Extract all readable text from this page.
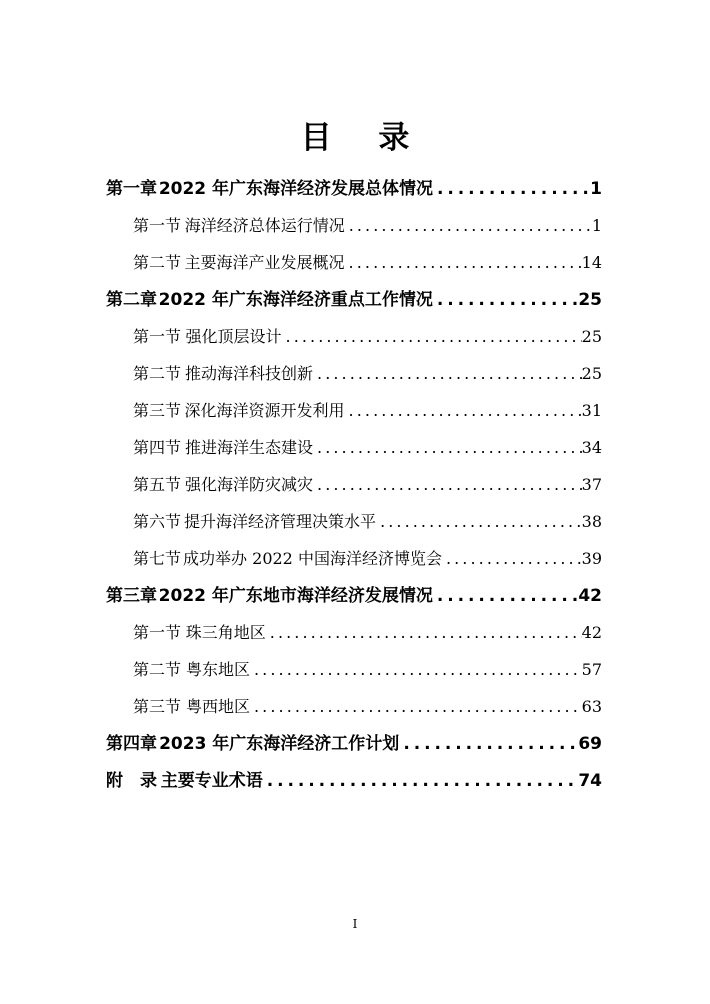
目 录
第一章 2022 年广东海洋经济发展总体情况 . . .	1
第一节 海洋经济总体运行情况 . . .	1
第二节 主要海洋产业发展概况 . . .	14
第二章 2022 年广东海洋经济重点工作情况 . . .	25
第一节 强化顶层设计 . . .	25
第二节 推动海洋科技创新 . . .	25
第三节 深化海洋资源开发利用 . . .	31
第四节 推进海洋生态建设 . . .	34
第五节 强化海洋防灾减灾 . . .	37
第六节 提升海洋经济管理决策水平 . . .	38
第七节 成功举办 2022 中国海洋经济博览会 . . .	39
第三章 2022 年广东地市海洋经济发展情况 . . .	42
第一节 珠三角地区 . . .	42
第二节 粤东地区 . . .	57
第三节 粤西地区 . . .	63
第四章 2023 年广东海洋经济工作计划 . . .	69
附　录 主要专业术语 . . .	74
I
